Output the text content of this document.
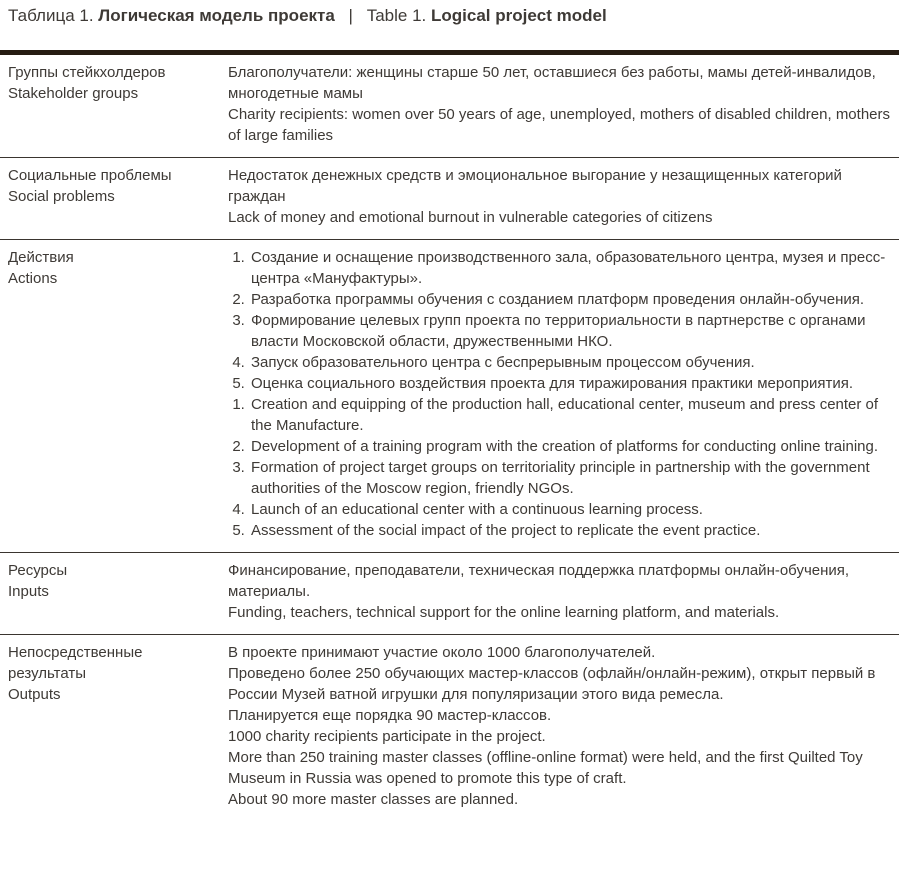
Таблица 1. Логическая модель проекта | Table 1. Logical project model

Группы стейкхолдеров

Stakeholder groups

Благополучатели: женщины старше 50 лет, оставшиеся без работы, мамы детей-инвалидов, многодетные мамы

Charity recipients: women over 50 years of age, unemployed, mothers of disabled children, mothers of large families

Социальные проблемы

Social problems

Недостаток денежных средств и эмоциональное выгорание у незащищенных категорий граждан

Lack of money and emotional burnout in vulnerable categories of citizens

Действия

Actions

1. Создание и оснащение производственного зала, образовательного центра, музея и пресс-центра «Мануфактуры».
2. Разработка программы обучения с созданием платформ проведения онлайн-обучения.
3. Формирование целевых групп проекта по территориальности в партнерстве с органами власти Московской области, дружественными НКО.
4. Запуск образовательного центра с беспрерывным процессом обучения.
5. Оценка социального воздействия проекта для тиражирования практики мероприятия.
1. Creation and equipping of the production hall, educational center, museum and press center of the Manufacture.
2. Development of a training program with the creation of platforms for conducting online training.
3. Formation of project target groups on territoriality principle in partnership with the government authorities of the Moscow region, friendly NGOs.
4. Launch of an educational center with a continuous learning process.
5. Assessment of the social impact of the project to replicate the event practice.

Ресурсы

Inputs

Финансирование, преподаватели, техническая поддержка платформы онлайн-обучения, материалы.

Funding, teachers, technical support for the online learning platform, and materials.

Непосредственные результаты

Outputs

В проекте принимают участие около 1000 благополучателей.

Проведено более 250 обучающих мастер-классов (офлайн/онлайн-режим), открыт первый в России Музей ватной игрушки для популяризации этого вида ремесла.

Планируется еще порядка 90 мастер-классов.

1000 charity recipients participate in the project.

More than 250 training master classes (offline-online format) were held, and the first Quilted Toy Museum in Russia was opened to promote this type of craft.

About 90 more master classes are planned.
